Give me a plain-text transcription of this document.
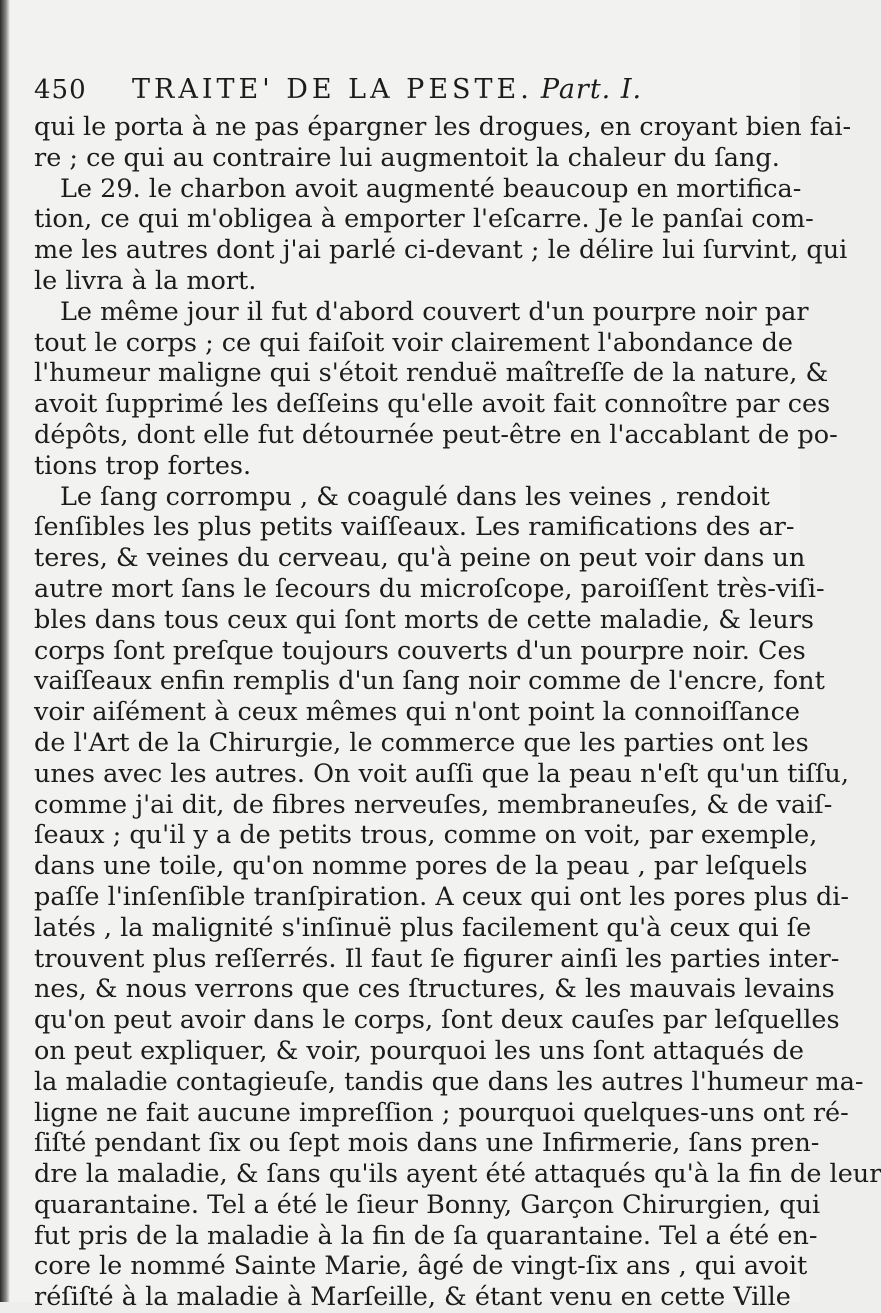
450	TRAITE' DE LA PESTE. Part. I.
qui le porta à ne pas épargner les drogues, en croyant bien fai-
re ; ce qui au contraire lui augmentoit la chaleur du ſang.
Le 29. le charbon avoit augmenté beaucoup en mortifica-
tion, ce qui m'obligea à emporter l'eſcarre. Je le panſai com-
me les autres dont j'ai parlé ci-devant ; le délire lui ſurvint, qui
le livra à la mort.
Le même jour il fut d'abord couvert d'un pourpre noir par
tout le corps ; ce qui faiſoit voir clairement l'abondance de
l'humeur maligne qui s'étoit renduë maîtreſſe de la nature, &
avoit ſupprimé les deſſeins qu'elle avoit fait connoître par ces
dépôts, dont elle fut détournée peut-être en l'accablant de po-
tions trop fortes.
Le ſang corrompu , & coagulé dans les veines , rendoit
ſenſibles les plus petits vaiſſeaux. Les ramifications des ar-
teres, & veines du cerveau, qu'à peine on peut voir dans un
autre mort ſans le ſecours du microſcope, paroiſſent très-viſi-
bles dans tous ceux qui ſont morts de cette maladie, & leurs
corps ſont preſque toujours couverts d'un pourpre noir. Ces
vaiſſeaux enfin remplis d'un ſang noir comme de l'encre, font
voir aiſément à ceux mêmes qui n'ont point la connoiſſance
de l'Art de la Chirurgie, le commerce que les parties ont les
unes avec les autres. On voit auſſi que la peau n'eſt qu'un tiſſu,
comme j'ai dit, de fibres nerveuſes, membraneuſes, & de vaiſ-
ſeaux ; qu'il y a de petits trous, comme on voit, par exemple,
dans une toile, qu'on nomme pores de la peau , par leſquels
paſſe l'inſenſible tranſpiration. A ceux qui ont les pores plus di-
latés , la malignité s'inſinuë plus facilement qu'à ceux qui ſe
trouvent plus reſſerrés. Il faut ſe figurer ainſi les parties inter-
nes, & nous verrons que ces ſtructures, & les mauvais levains
qu'on peut avoir dans le corps, ſont deux cauſes par leſquelles
on peut expliquer, & voir, pourquoi les uns ſont attaqués de
la maladie contagieuſe, tandis que dans les autres l'humeur ma-
ligne ne fait aucune impreſſion ; pourquoi quelques-uns ont ré-
ſiſté pendant ſix ou ſept mois dans une Infirmerie, ſans pren-
dre la maladie, & ſans qu'ils ayent été attaqués qu'à la fin de leur
quarantaine. Tel a été le ſieur Bonny, Garçon Chirurgien, qui
fut pris de la maladie à la fin de ſa quarantaine. Tel a été en-
core le nommé Sainte Marie, âgé de vingt-ſix ans , qui avoit
réſiſté à la maladie à Marſeille, & étant venu en cette Ville
